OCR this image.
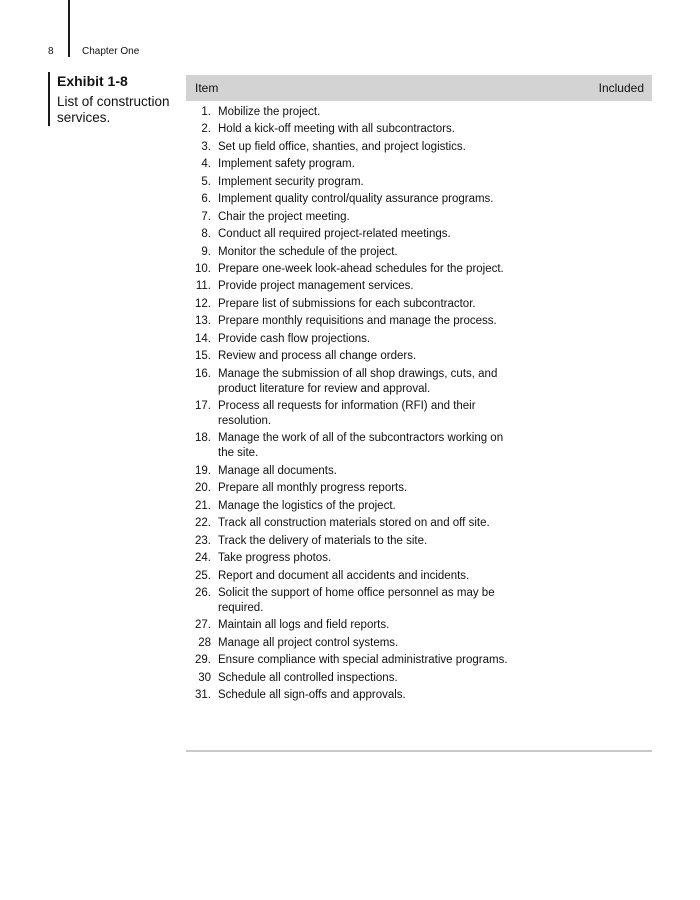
8	Chapter One
Exhibit 1-8
List of construction services.
Item	Included
1. Mobilize the project.
2. Hold a kick-off meeting with all subcontractors.
3. Set up field office, shanties, and project logistics.
4. Implement safety program.
5. Implement security program.
6. Implement quality control/quality assurance programs.
7. Chair the project meeting.
8. Conduct all required project-related meetings.
9. Monitor the schedule of the project.
10. Prepare one-week look-ahead schedules for the project.
11. Provide project management services.
12. Prepare list of submissions for each subcontractor.
13. Prepare monthly requisitions and manage the process.
14. Provide cash flow projections.
15. Review and process all change orders.
16. Manage the submission of all shop drawings, cuts, and product literature for review and approval.
17. Process all requests for information (RFI) and their resolution.
18. Manage the work of all of the subcontractors working on the site.
19. Manage all documents.
20. Prepare all monthly progress reports.
21. Manage the logistics of the project.
22. Track all construction materials stored on and off site.
23. Track the delivery of materials to the site.
24. Take progress photos.
25. Report and document all accidents and incidents.
26. Solicit the support of home office personnel as may be required.
27. Maintain all logs and field reports.
28 Manage all project control systems.
29. Ensure compliance with special administrative programs.
30 Schedule all controlled inspections.
31. Schedule all sign-offs and approvals.
